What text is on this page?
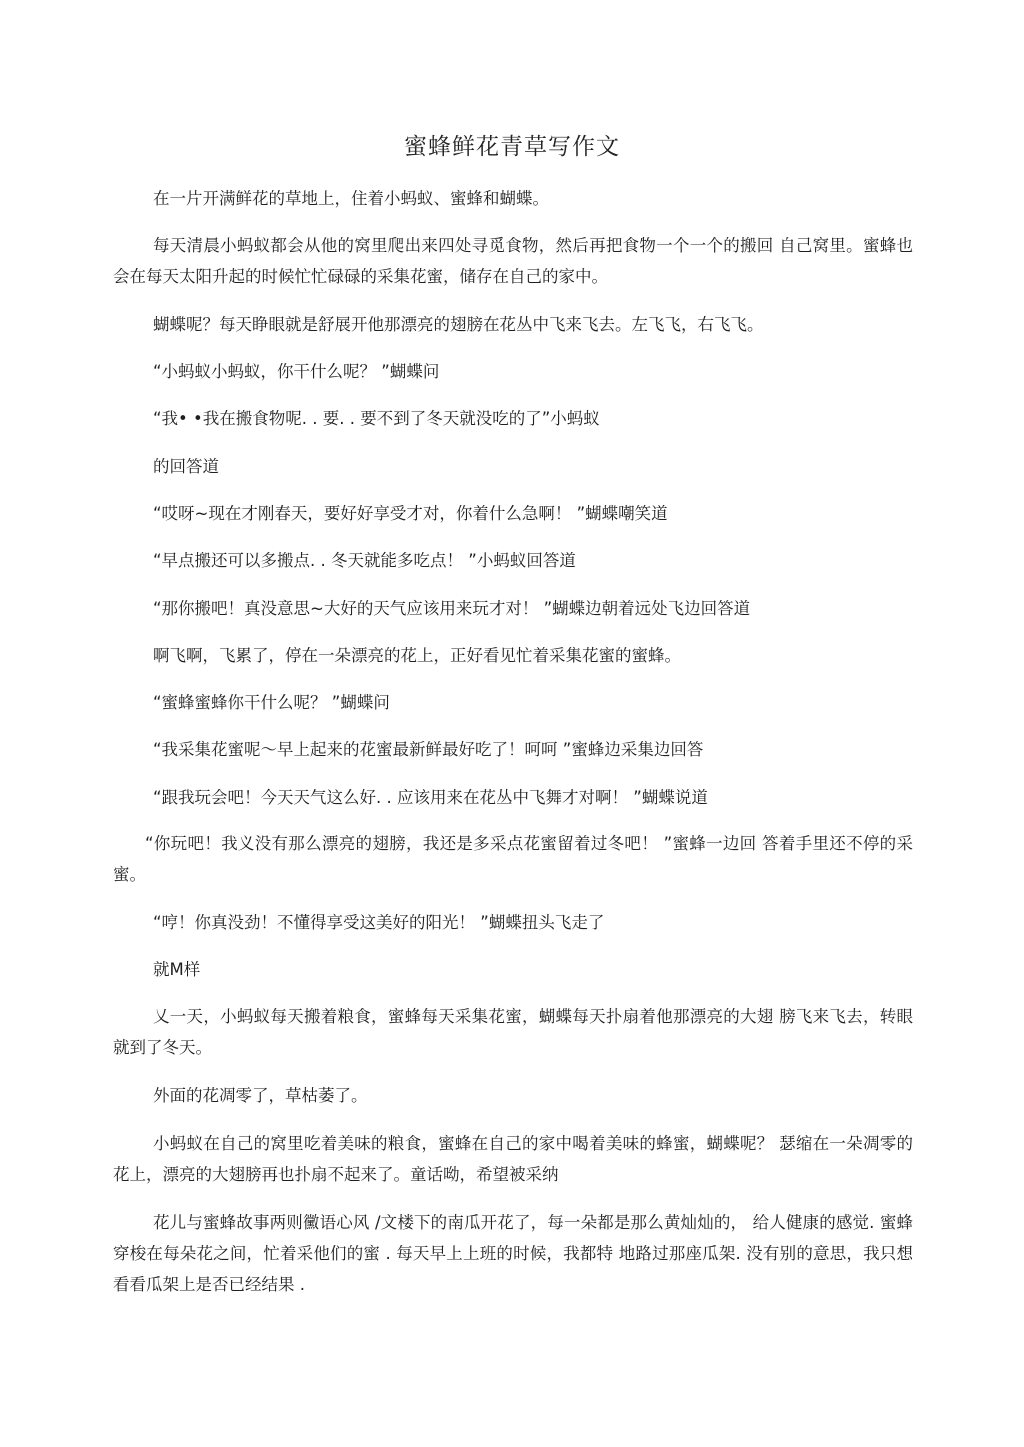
蜜蜂鲜花青草写作文

在一片开满鲜花的草地上，住着小蚂蚁、蜜蜂和蝴蝶。

每天清晨小蚂蚁都会从他的窝里爬出来四处寻觅食物，然后再把食物一个一个的搬回 自己窝里。蜜蜂也会在每天太阳升起的时候忙忙碌碌的采集花蜜，储存在自己的家中。

蝴蝶呢？每天睁眼就是舒展开他那漂亮的翅膀在花丛中飞来飞去。左飞飞，右飞飞。

“小蚂蚁小蚂蚁，你干什么呢？ ”蝴蝶问

“我• •我在搬食物呢. . 要. . 要不到了冬天就没吃的了”小蚂蚁

的回答道

“哎呀~现在才刚春天，要好好享受才对，你着什么急啊！ ”蝴蝶嘲笑道

“早点搬还可以多搬点. . 冬天就能多吃点！ ”小蚂蚁回答道

“那你搬吧！真没意思~大好的天气应该用来玩才对！ ”蝴蝶边朝着远处飞边回答道

啊飞啊，飞累了，停在一朵漂亮的花上，正好看见忙着采集花蜜的蜜蜂。

“蜜蜂蜜蜂你干什么呢？ ”蝴蝶问

“我采集花蜜呢〜早上起来的花蜜最新鲜最好吃了！呵呵 ”蜜蜂边采集边回答

“跟我玩会吧！今天天气这么好. . 应该用来在花丛中飞舞才对啊！ ”蝴蝶说道

“你玩吧！我义没有那么漂亮的翅膀，我还是多采点花蜜留着过冬吧！ ”蜜蜂一边回 答着手里还不停的采蜜。

“哼！你真没劲！不懂得享受这美好的阳光！ ”蝴蝶扭头飞走了

就M样

乂一天，小蚂蚁每天搬着粮食，蜜蜂每天采集花蜜，蝴蝶每天扑扇着他那漂亮的大翅 膀飞来飞去，转眼就到了冬天。

外面的花凋零了，草枯萎了。

小蚂蚁在自己的窝里吃着美味的粮食，蜜蜂在自己的家中喝着美味的蜂蜜，蝴蝶呢？ 瑟缩在一朵凋零的花上，漂亮的大翅膀再也扑扇不起来了。童话呦，希望被采纳

花儿与蜜蜂故事两则黴语心风 /文楼下的南瓜开花了，每一朵都是那么黄灿灿的， 给人健康的感觉. 蜜蜂穿梭在每朵花之间，忙着采他们的蜜 . 每天早上上班的时候，我都特 地路过那座瓜架. 没有别的意思，我只想看看瓜架上是否已经结果 .
